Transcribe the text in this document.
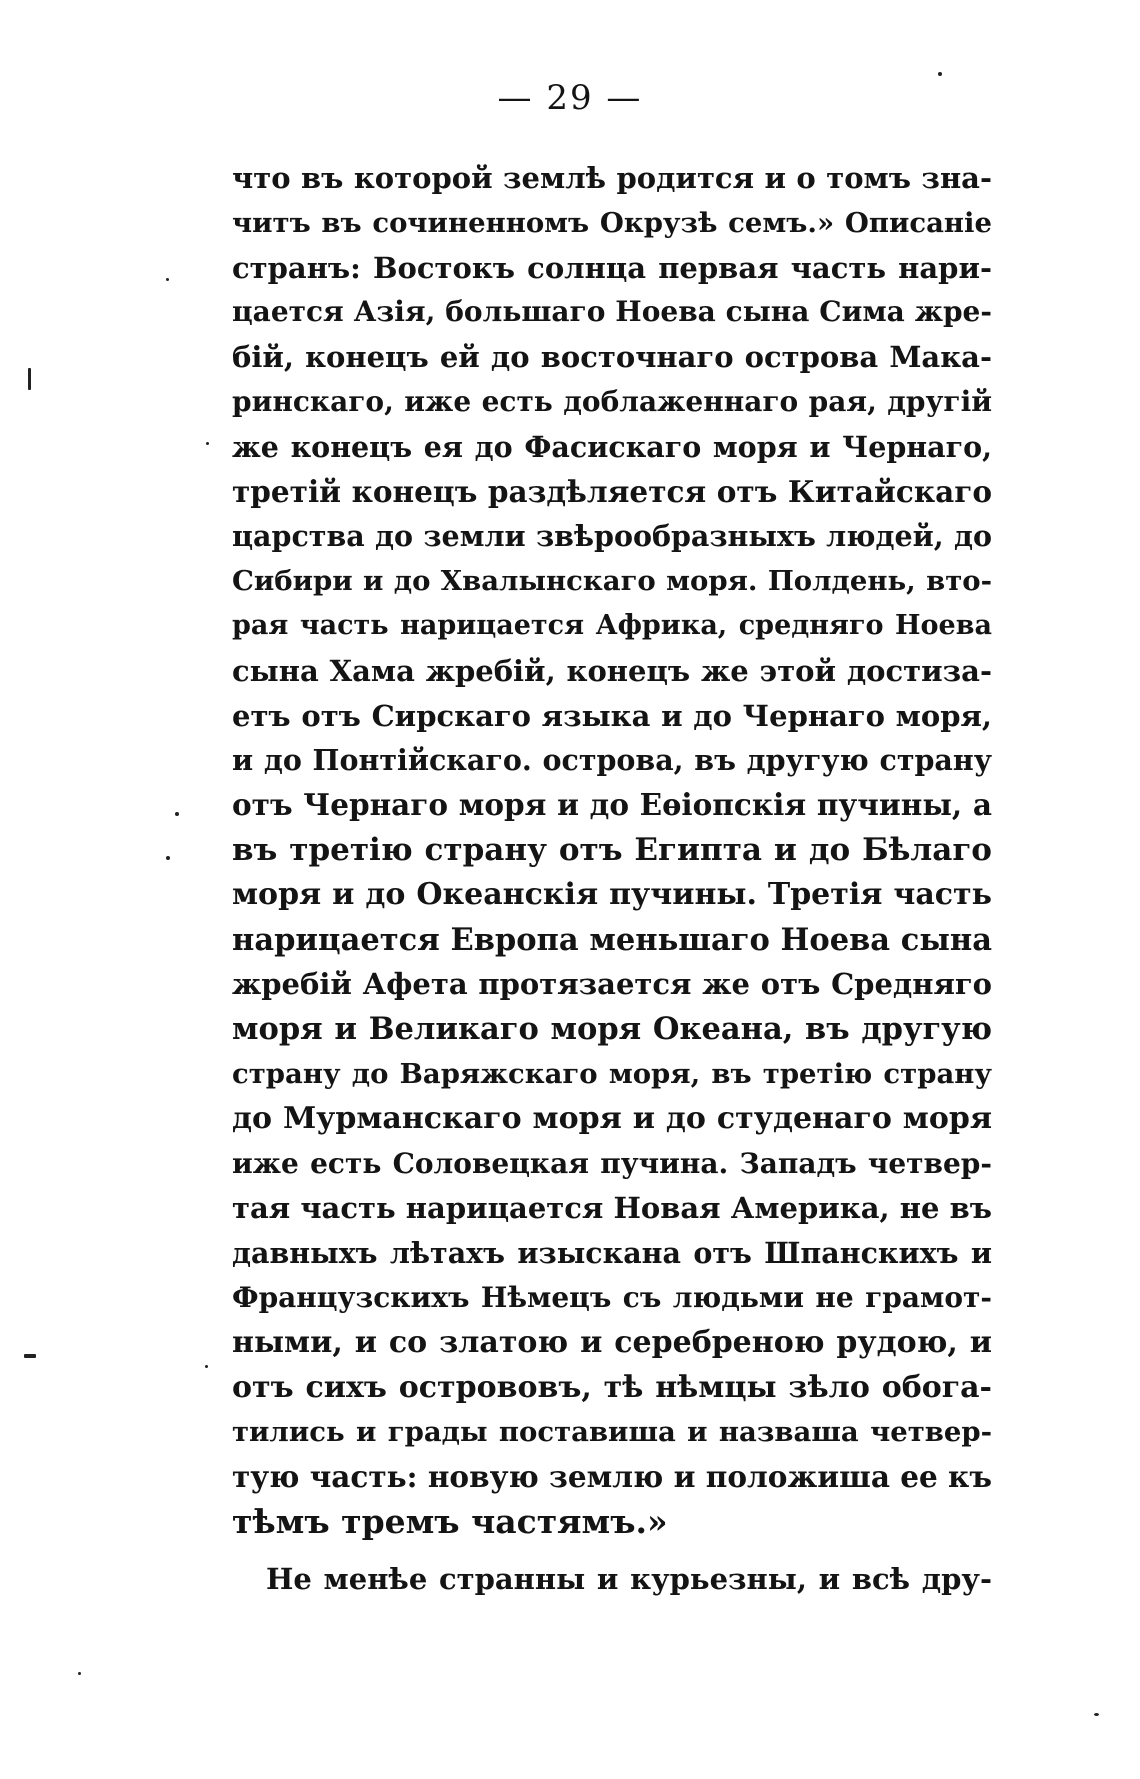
— 29 —
что въ которой землѣ родится и о томъ зна-
читъ въ сочиненномъ Окрузѣ семъ.» Описаніе
странъ: Востокъ солнца первая часть нари-
цается Азія, большаго Ноева сына Сима жре-
бій, конецъ ей до восточнаго острова Мака-
ринскаго, иже есть доблаженнаго рая, другій
же конецъ ея до Фасискаго моря и Чернаго,
третій конецъ раздѣляется отъ Китайскаго
царства до земли звѣрообразныхъ людей, до
Сибири и до Хвалынскаго моря. Полдень, вто-
рая часть нарицается Африка, средняго Ноева
сына Хама жребій, конецъ же этой достиза-
етъ отъ Сирскаго языка и до Чернаго моря,
и до Понтійскаго. острова, въ другую страну
отъ Чернаго моря и до Еѳіопскія пучины, а
въ третію страну отъ Египта и до Бѣлаго
моря и до Океанскія пучины. Третія часть
нарицается Европа меньшаго Ноева сына
жребій Афета протязается же отъ Средняго
моря и Великаго моря Океана, въ другую
страну до Варяжскаго моря, въ третію страну
до Мурманскаго моря и до студенаго моря
иже есть Соловецкая пучина. Западъ четвер-
тая часть нарицается Новая Америка, не въ
давныхъ лѣтахъ изыскана отъ Шпанскихъ и
Французскихъ Нѣмецъ съ людьми не грамот-
ными, и со златою и серебреною рудою, и
отъ сихъ острововъ, тѣ нѣмцы зѣло обога-
тились и грады поставиша и назваша четвер-
тую часть: новую землю и положиша ее къ
тѣмъ тремъ частямъ.»
Не менѣе странны и курьезны, и всѣ дру-
